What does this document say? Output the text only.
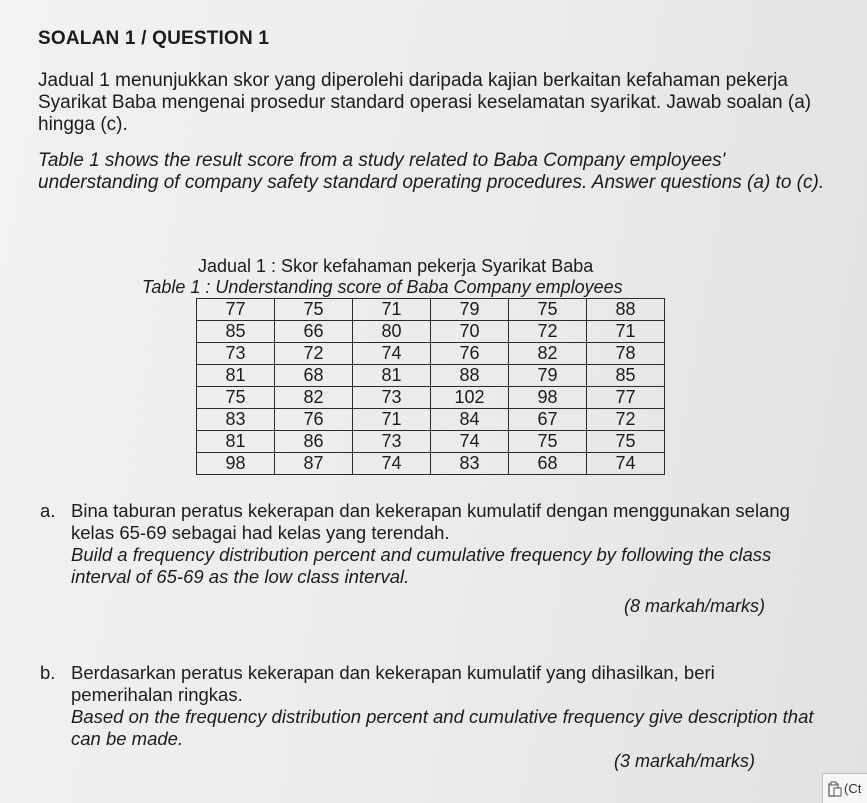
SOALAN 1 / QUESTION 1
Jadual 1 menunjukkan skor yang diperolehi daripada kajian berkaitan kefahaman pekerja Syarikat Baba mengenai prosedur standard operasi keselamatan syarikat. Jawab soalan (a) hingga (c).
Table 1 shows the result score from a study related to Baba Company employees' understanding of company safety standard operating procedures. Answer questions (a) to (c).
Jadual 1 : Skor kefahaman pekerja Syarikat Baba
Table 1 : Understanding score of Baba Company employees
77	75	71	79	75	88
85	66	80	70	72	71
73	72	74	76	82	78
81	68	81	88	79	85
75	82	73	102	98	77
83	76	71	84	67	72
81	86	73	74	75	75
98	87	74	83	68	74
a. Bina taburan peratus kekerapan dan kekerapan kumulatif dengan menggunakan selang kelas 65-69 sebagai had kelas yang terendah.
Build a frequency distribution percent and cumulative frequency by following the class interval of 65-69 as the low class interval.
(8 markah/marks)
b. Berdasarkan peratus kekerapan dan kekerapan kumulatif yang dihasilkan, beri pemerihalan ringkas.
Based on the frequency distribution percent and cumulative frequency give description that can be made.
(3 markah/marks)
(Ct
